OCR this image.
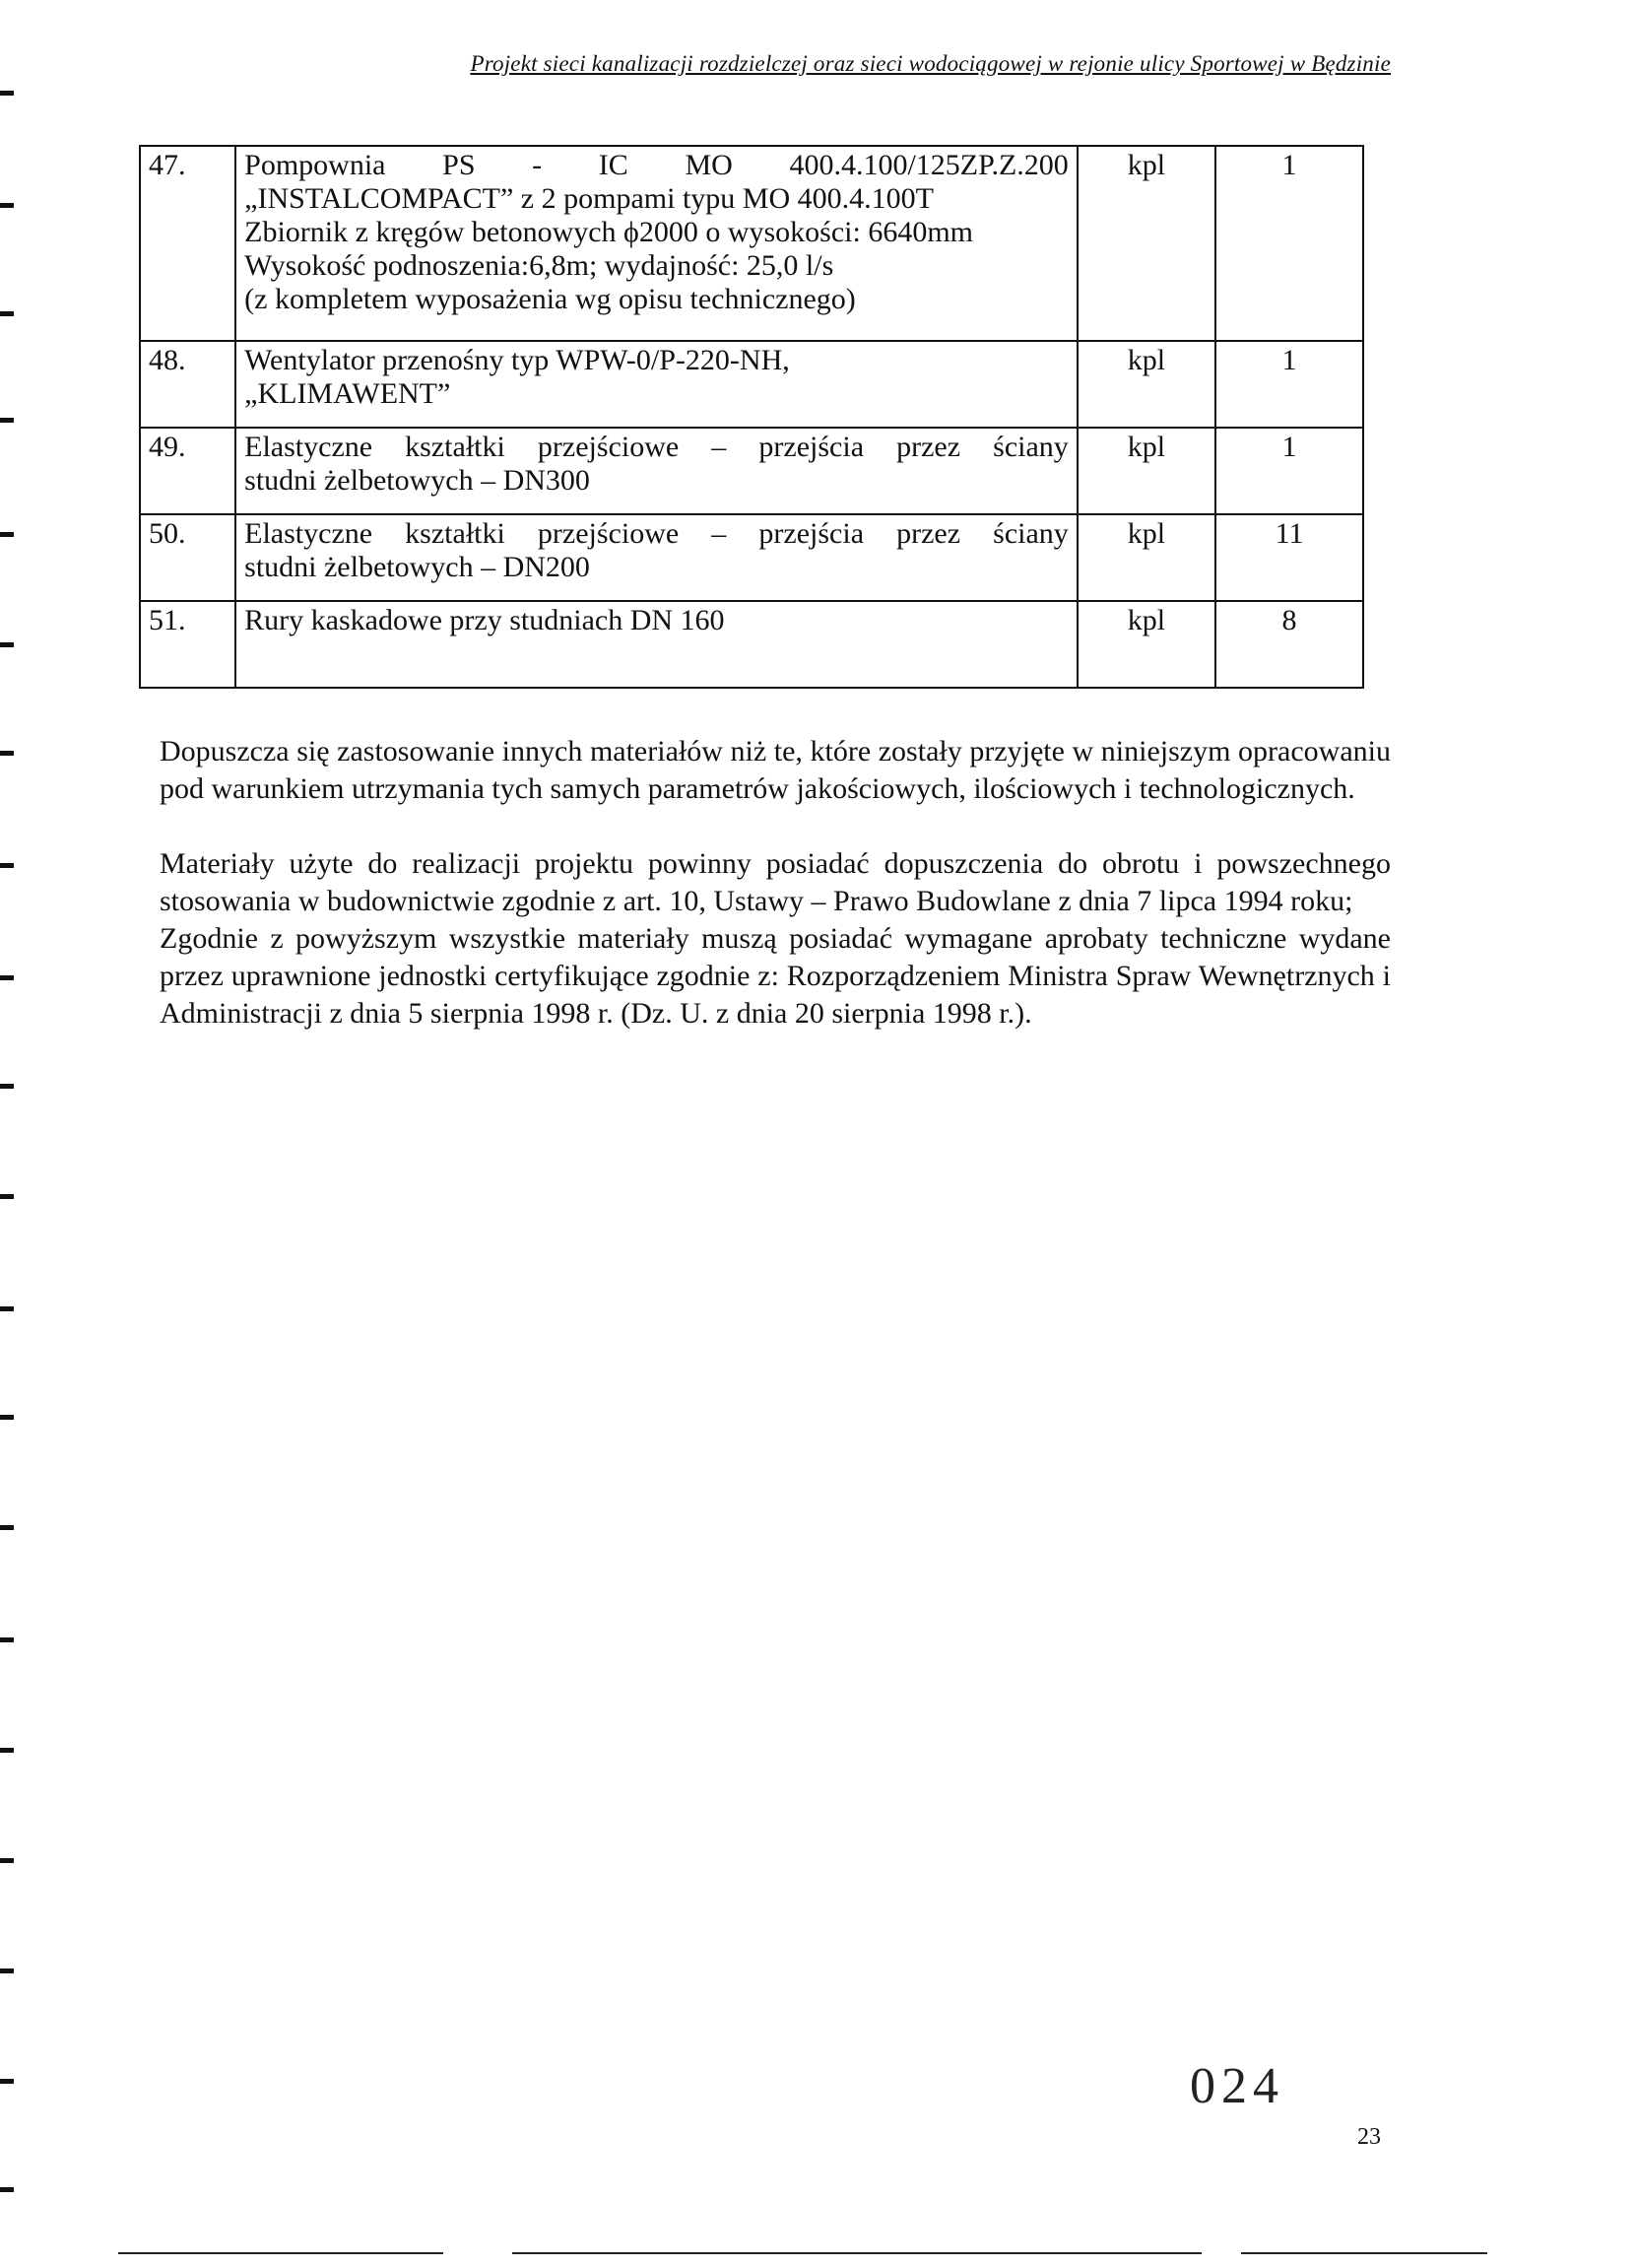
Projekt sieci kanalizacji rozdzielczej oraz sieci wodociągowej w rejonie ulicy Sportowej w Będzinie
47.	Pompownia PS - IC MO 400.4.100/125ZP.Z.200
„INSTALCOMPACT” z 2 pompami typu MO 400.4.100T
Zbiornik z kręgów betonowych ϕ2000 o wysokości: 6640mm
Wysokość podnoszenia:6,8m; wydajność: 25,0 l/s
(z kompletem wyposażenia wg opisu technicznego)	kpl	1
48.	Wentylator przenośny typ WPW-0/P-220-NH,
„KLIMAWENT”	kpl	1
49.	Elastyczne kształtki przejściowe – przejścia przez ściany
studni żelbetowych – DN300	kpl	1
50.	Elastyczne kształtki przejściowe – przejścia przez ściany
studni żelbetowych – DN200	kpl	11
51.	Rury kaskadowe przy studniach DN 160	kpl	8

Dopuszcza się zastosowanie innych materiałów niż te, które zostały przyjęte w niniejszym opracowaniu pod warunkiem utrzymania tych samych parametrów jakościowych, ilościowych i technologicznych.

Materiały użyte do realizacji projektu powinny posiadać dopuszczenia do obrotu i powszechnego stosowania w budownictwie zgodnie z art. 10, Ustawy – Prawo Budowlane z dnia 7 lipca 1994 roku;

Zgodnie z powyższym wszystkie materiały muszą posiadać wymagane aprobaty techniczne wydane przez uprawnione jednostki certyfikujące zgodnie z: Rozporządzeniem Ministra Spraw Wewnętrznych i Administracji z dnia 5 sierpnia 1998 r. (Dz. U. z dnia 20 sierpnia 1998 r.).

024
23
